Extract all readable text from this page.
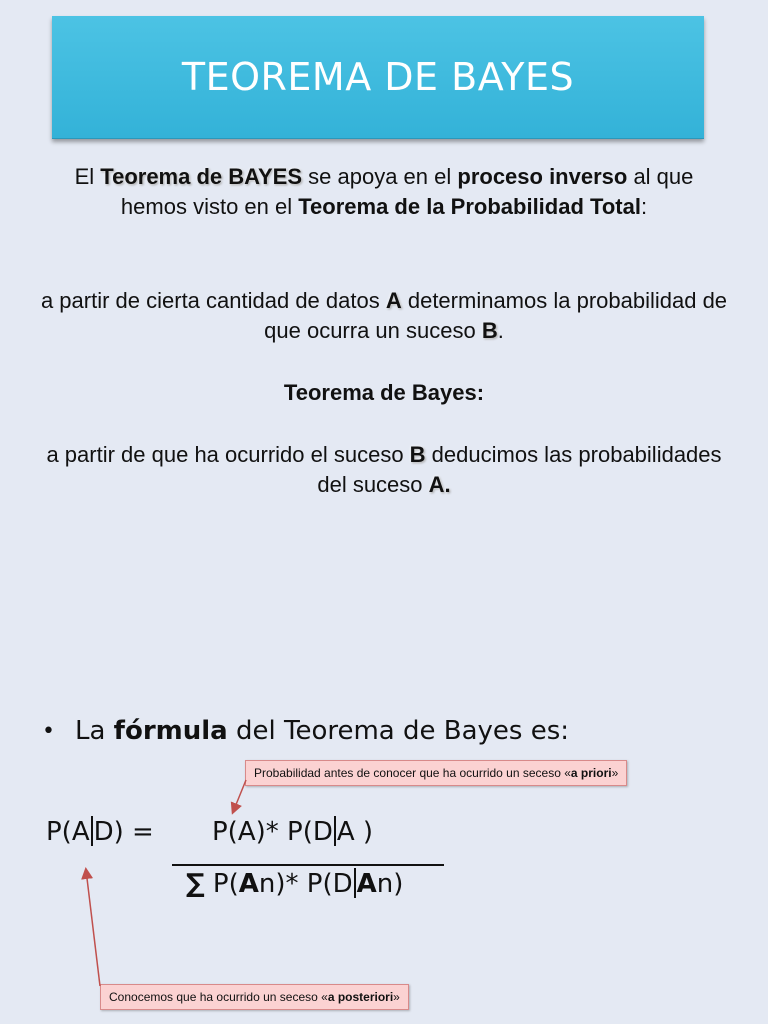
TEOREMA DE BAYES
El Teorema de BAYES se apoya en el proceso inverso al que hemos visto en el Teorema de la Probabilidad Total:
a partir de cierta cantidad de datos A determinamos la probabilidad de que ocurra un suceso B.
Teorema de Bayes:
a partir de que ha ocurrido el suceso B deducimos las probabilidades del suceso A.
• La fórmula del Teorema de Bayes es:
Probabilidad antes de conocer que ha ocurrido un seceso «a priori»
P(A D) = P(A)* P(D A )
∑ P(An)* P(D An)
Conocemos que ha ocurrido un seceso «a posteriori»
